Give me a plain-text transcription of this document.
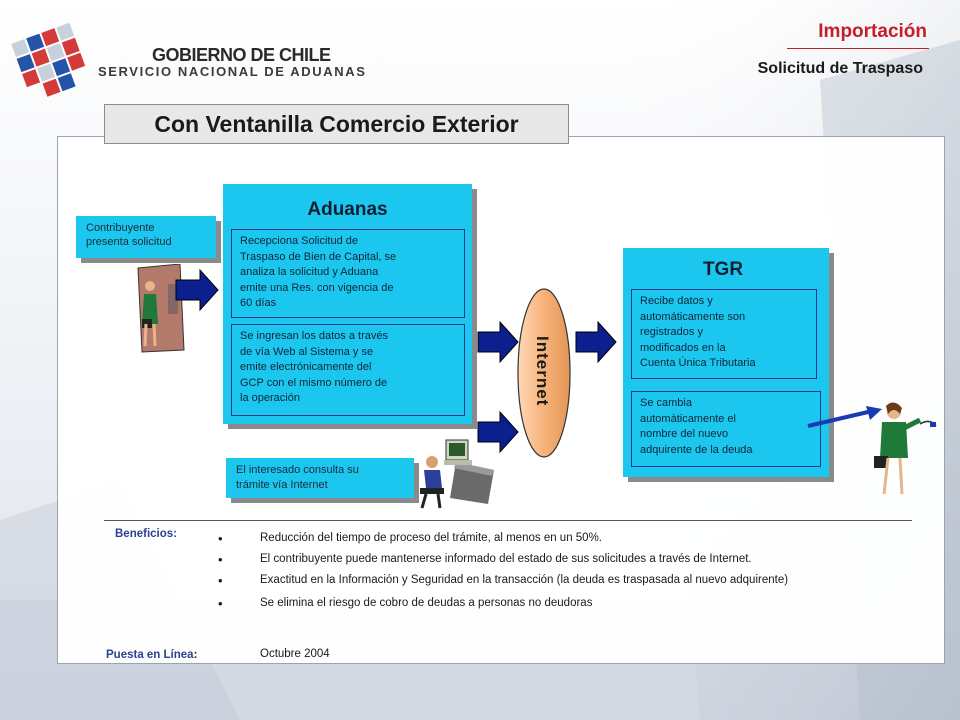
GOBIERNO DE CHILE
SERVICIO NACIONAL DE ADUANAS
Importación
Solicitud de Traspaso
Con Ventanilla Comercio Exterior
Contribuyente
presenta solicitud
Aduanas
Recepciona Solicitud de
Traspaso de Bien de Capital, se
analiza la solicitud y Aduana
emite una Res. con vigencia de
60 días
Se ingresan los datos a través
de vía Web al Sistema y se
emite electrónicamente del
GCP con el mismo número de
la operación
El interesado consulta su
trámite vía Internet
Internet
TGR
Recibe datos y
automáticamente son
registrados y
modificados en la
Cuenta Única Tributaria
Se cambia
automáticamente el
nombre del nuevo
adquirente de la deuda
Beneficios:
•	Reducción del tiempo de proceso del trámite, al menos en un 50%.
• El contribuyente puede mantenerse informado del estado de sus solicitudes a través de Internet.
• Exactitud en la Información y Seguridad en la transacción (la deuda es traspasada al nuevo adquirente)
• Se elimina el riesgo de cobro de deudas a personas no deudoras
Puesta en Línea:	Octubre 2004
